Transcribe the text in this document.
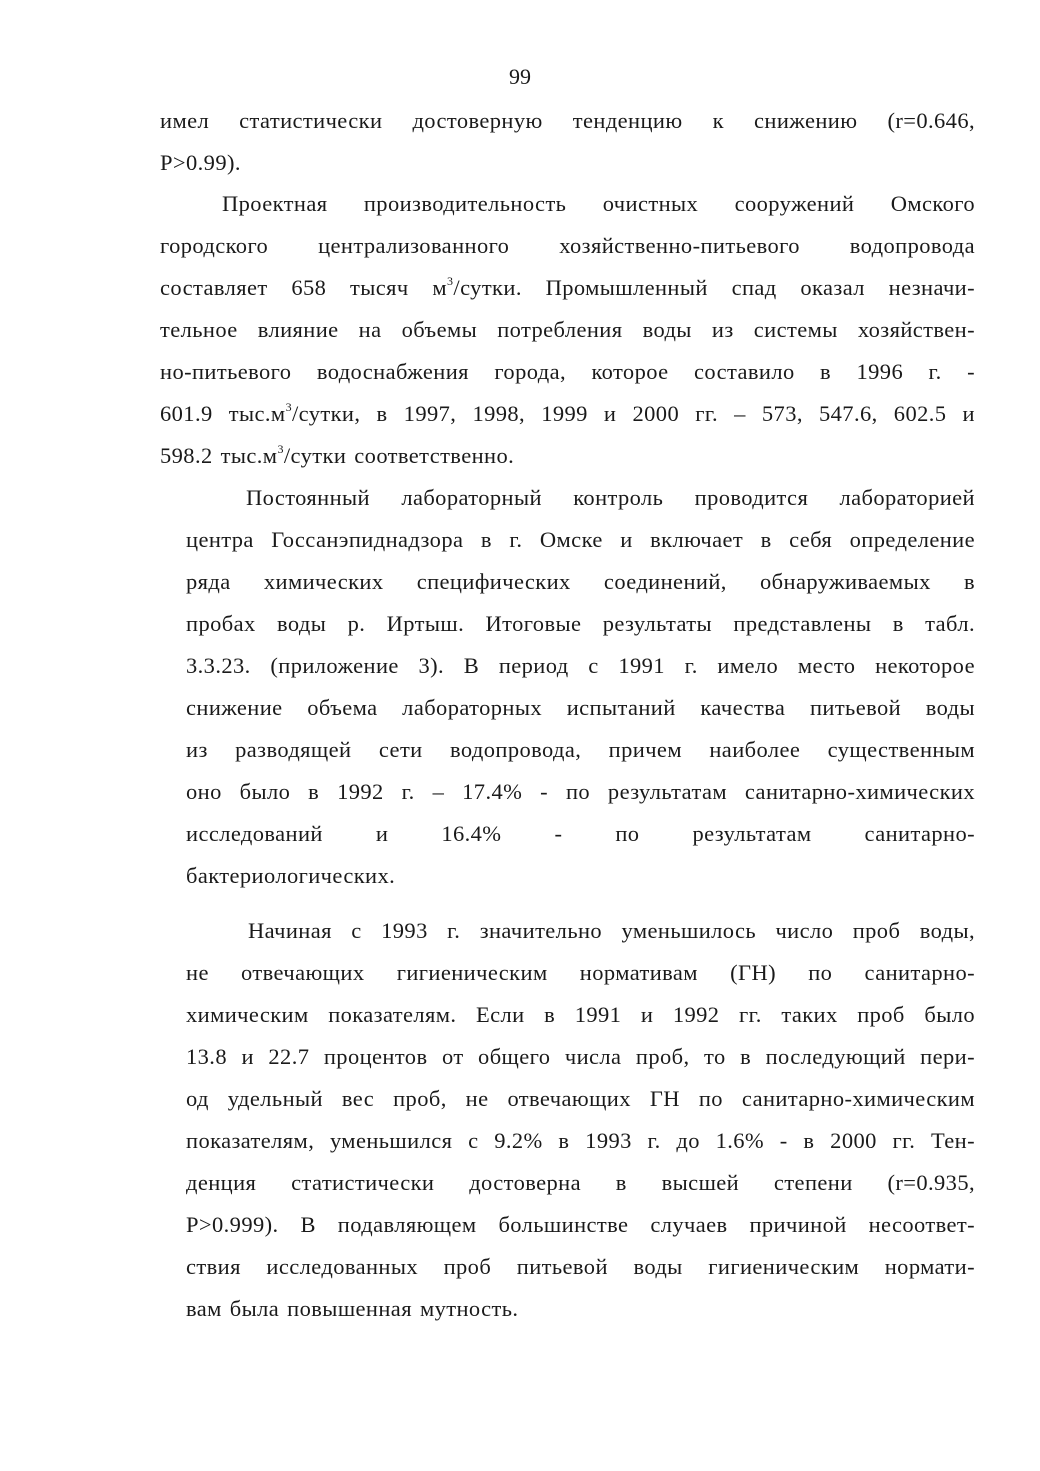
99
имел статистически достоверную тенденцию к снижению (r=0.646,
P>0.99).
Проектная производительность очистных сооружений Омского
городского централизованного хозяйственно-питьевого водопровода
составляет 658 тысяч $м^3$/сутки. Промышленный спад оказал незначи-
тельное влияние на объемы потребления воды из системы хозяйствен-
но-питьевого водоснабжения города, которое составило в 1996 г. -
601.9 $тыс.м^3$/сутки, в 1997, 1998, 1999 и 2000 гг. – 573, 547.6, 602.5 и
598.2 $тыс.м^3$/сутки соответственно.
Постоянный лабораторный контроль проводится лабораторией
центра Госсанэпиднадзора в г. Омске и включает в себя определение
ряда химических специфических соединений, обнаруживаемых в
пробах воды р. Иртыш. Итоговые результаты представлены в табл.
3.3.23. (приложение 3). В период с 1991 г. имело место некоторое
снижение объема лабораторных испытаний качества питьевой воды
из разводящей сети водопровода, причем наиболее существенным
оно было в 1992 г. – 17.4% - по результатам санитарно-химических
исследований и 16.4% - по результатам санитарно-
бактериологических.
Начиная с 1993 г. значительно уменьшилось число проб воды,
не отвечающих гигиеническим нормативам (ГН) по санитарно-
химическим показателям. Если в 1991 и 1992 гг. таких проб было
13.8 и 22.7 процентов от общего числа проб, то в последующий пери-
од удельный вес проб, не отвечающих ГН по санитарно-химическим
показателям, уменьшился с 9.2% в 1993 г. до 1.6% - в 2000 гг. Тен-
денция статистически достоверна в высшей степени (r=0.935,
P>0.999). В подавляющем большинстве случаев причиной несоответ-
ствия исследованных проб питьевой воды гигиеническим нормати-
вам была повышенная мутность.
